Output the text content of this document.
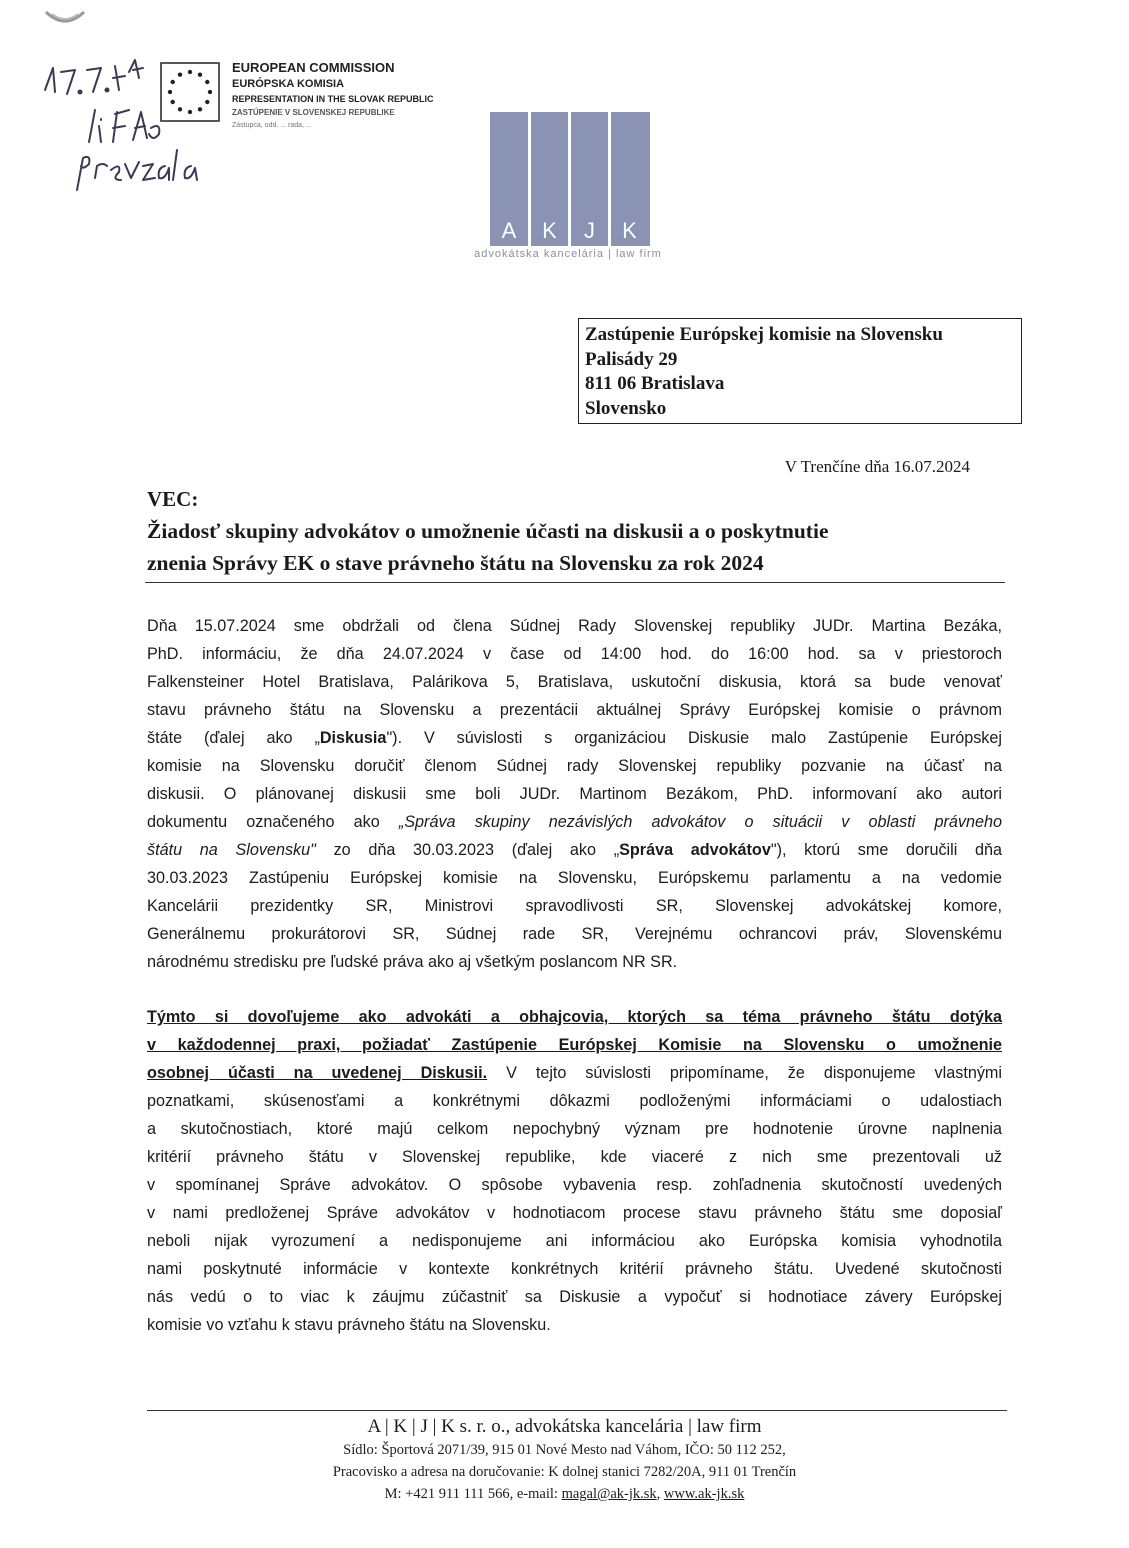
EUROPEAN COMMISSION
EURÓPSKA KOMISIA
REPRESENTATION IN THE SLOVAK REPUBLIC
ZASTÚPENIE V SLOVENSKEJ REPUBLIKE
Zástupca, odd. ... rada, ...
A K J K
advokátska kancelária | law firm
Zastúpenie Európskej komisie na Slovensku
Palisády 29
811 06 Bratislava
Slovensko
V Trenčíne dňa 16.07.2024
VEC:
Žiadosť skupiny advokátov o umožnenie účasti na diskusii a o poskytnutie
znenia Správy EK o stave právneho štátu na Slovensku za rok 2024
Dňa 15.07.2024 sme obdržali od člena Súdnej Rady Slovenskej republiky JUDr. Martina Bezáka,
PhD. informáciu, že dňa 24.07.2024 v čase od 14:00 hod. do 16:00 hod. sa v priestoroch
Falkensteiner Hotel Bratislava, Palárikova 5, Bratislava, uskutoční diskusia, ktorá sa bude venovať
stavu právneho štátu na Slovensku a prezentácii aktuálnej Správy Európskej komisie o právnom
štáte (ďalej ako „Diskusia"). V súvislosti s organizáciou Diskusie malo Zastúpenie Európskej
komisie na Slovensku doručiť členom Súdnej rady Slovenskej republiky pozvanie na účasť na
diskusii. O plánovanej diskusii sme boli JUDr. Martinom Bezákom, PhD. informovaní ako autori
dokumentu označeného ako „Správa skupiny nezávislých advokátov o situácii v oblasti právneho
štátu na Slovensku" zo dňa 30.03.2023 (ďalej ako „Správa advokátov"), ktorú sme doručili dňa
30.03.2023 Zastúpeniu Európskej komisie na Slovensku, Európskemu parlamentu a na vedomie
Kancelárii prezidentky SR, Ministrovi spravodlivosti SR, Slovenskej advokátskej komore,
Generálnemu prokurátorovi SR, Súdnej rade SR, Verejnému ochrancovi práv, Slovenskému
národnému stredisku pre ľudské práva ako aj všetkým poslancom NR SR.
Týmto si dovoľujeme ako advokáti a obhajcovia, ktorých sa téma právneho štátu dotýka
v každodennej praxi, požiadať Zastúpenie Európskej Komisie na Slovensku o umožnenie
osobnej účasti na uvedenej Diskusii. V tejto súvislosti pripomíname, že disponujeme vlastnými
poznatkami, skúsenosťami a konkrétnymi dôkazmi podloženými informáciami o udalostiach
a skutočnostiach, ktoré majú celkom nepochybný význam pre hodnotenie úrovne naplnenia
kritérií právneho štátu v Slovenskej republike, kde viaceré z nich sme prezentovali už
v spomínanej Správe advokátov. O spôsobe vybavenia resp. zohľadnenia skutočností uvedených
v nami predloženej Správe advokátov v hodnotiacom procese stavu právneho štátu sme doposiaľ
neboli nijak vyrozumení a nedisponujeme ani informáciou ako Európska komisia vyhodnotila
nami poskytnuté informácie v kontexte konkrétnych kritérií právneho štátu. Uvedené skutočnosti
nás vedú o to viac k záujmu zúčastniť sa Diskusie a vypočuť si hodnotiace závery Európskej
komisie vo vzťahu k stavu právneho štátu na Slovensku.
A | K | J | K s. r. o., advokátska kancelária | law firm
Sídlo: Športová 2071/39, 915 01 Nové Mesto nad Váhom, IČO: 50 112 252,
Pracovisko a adresa na doručovanie: K dolnej stanici 7282/20A, 911 01 Trenčín
M: +421 911 111 566, e-mail: magal@ak-jk.sk, www.ak-jk.sk
